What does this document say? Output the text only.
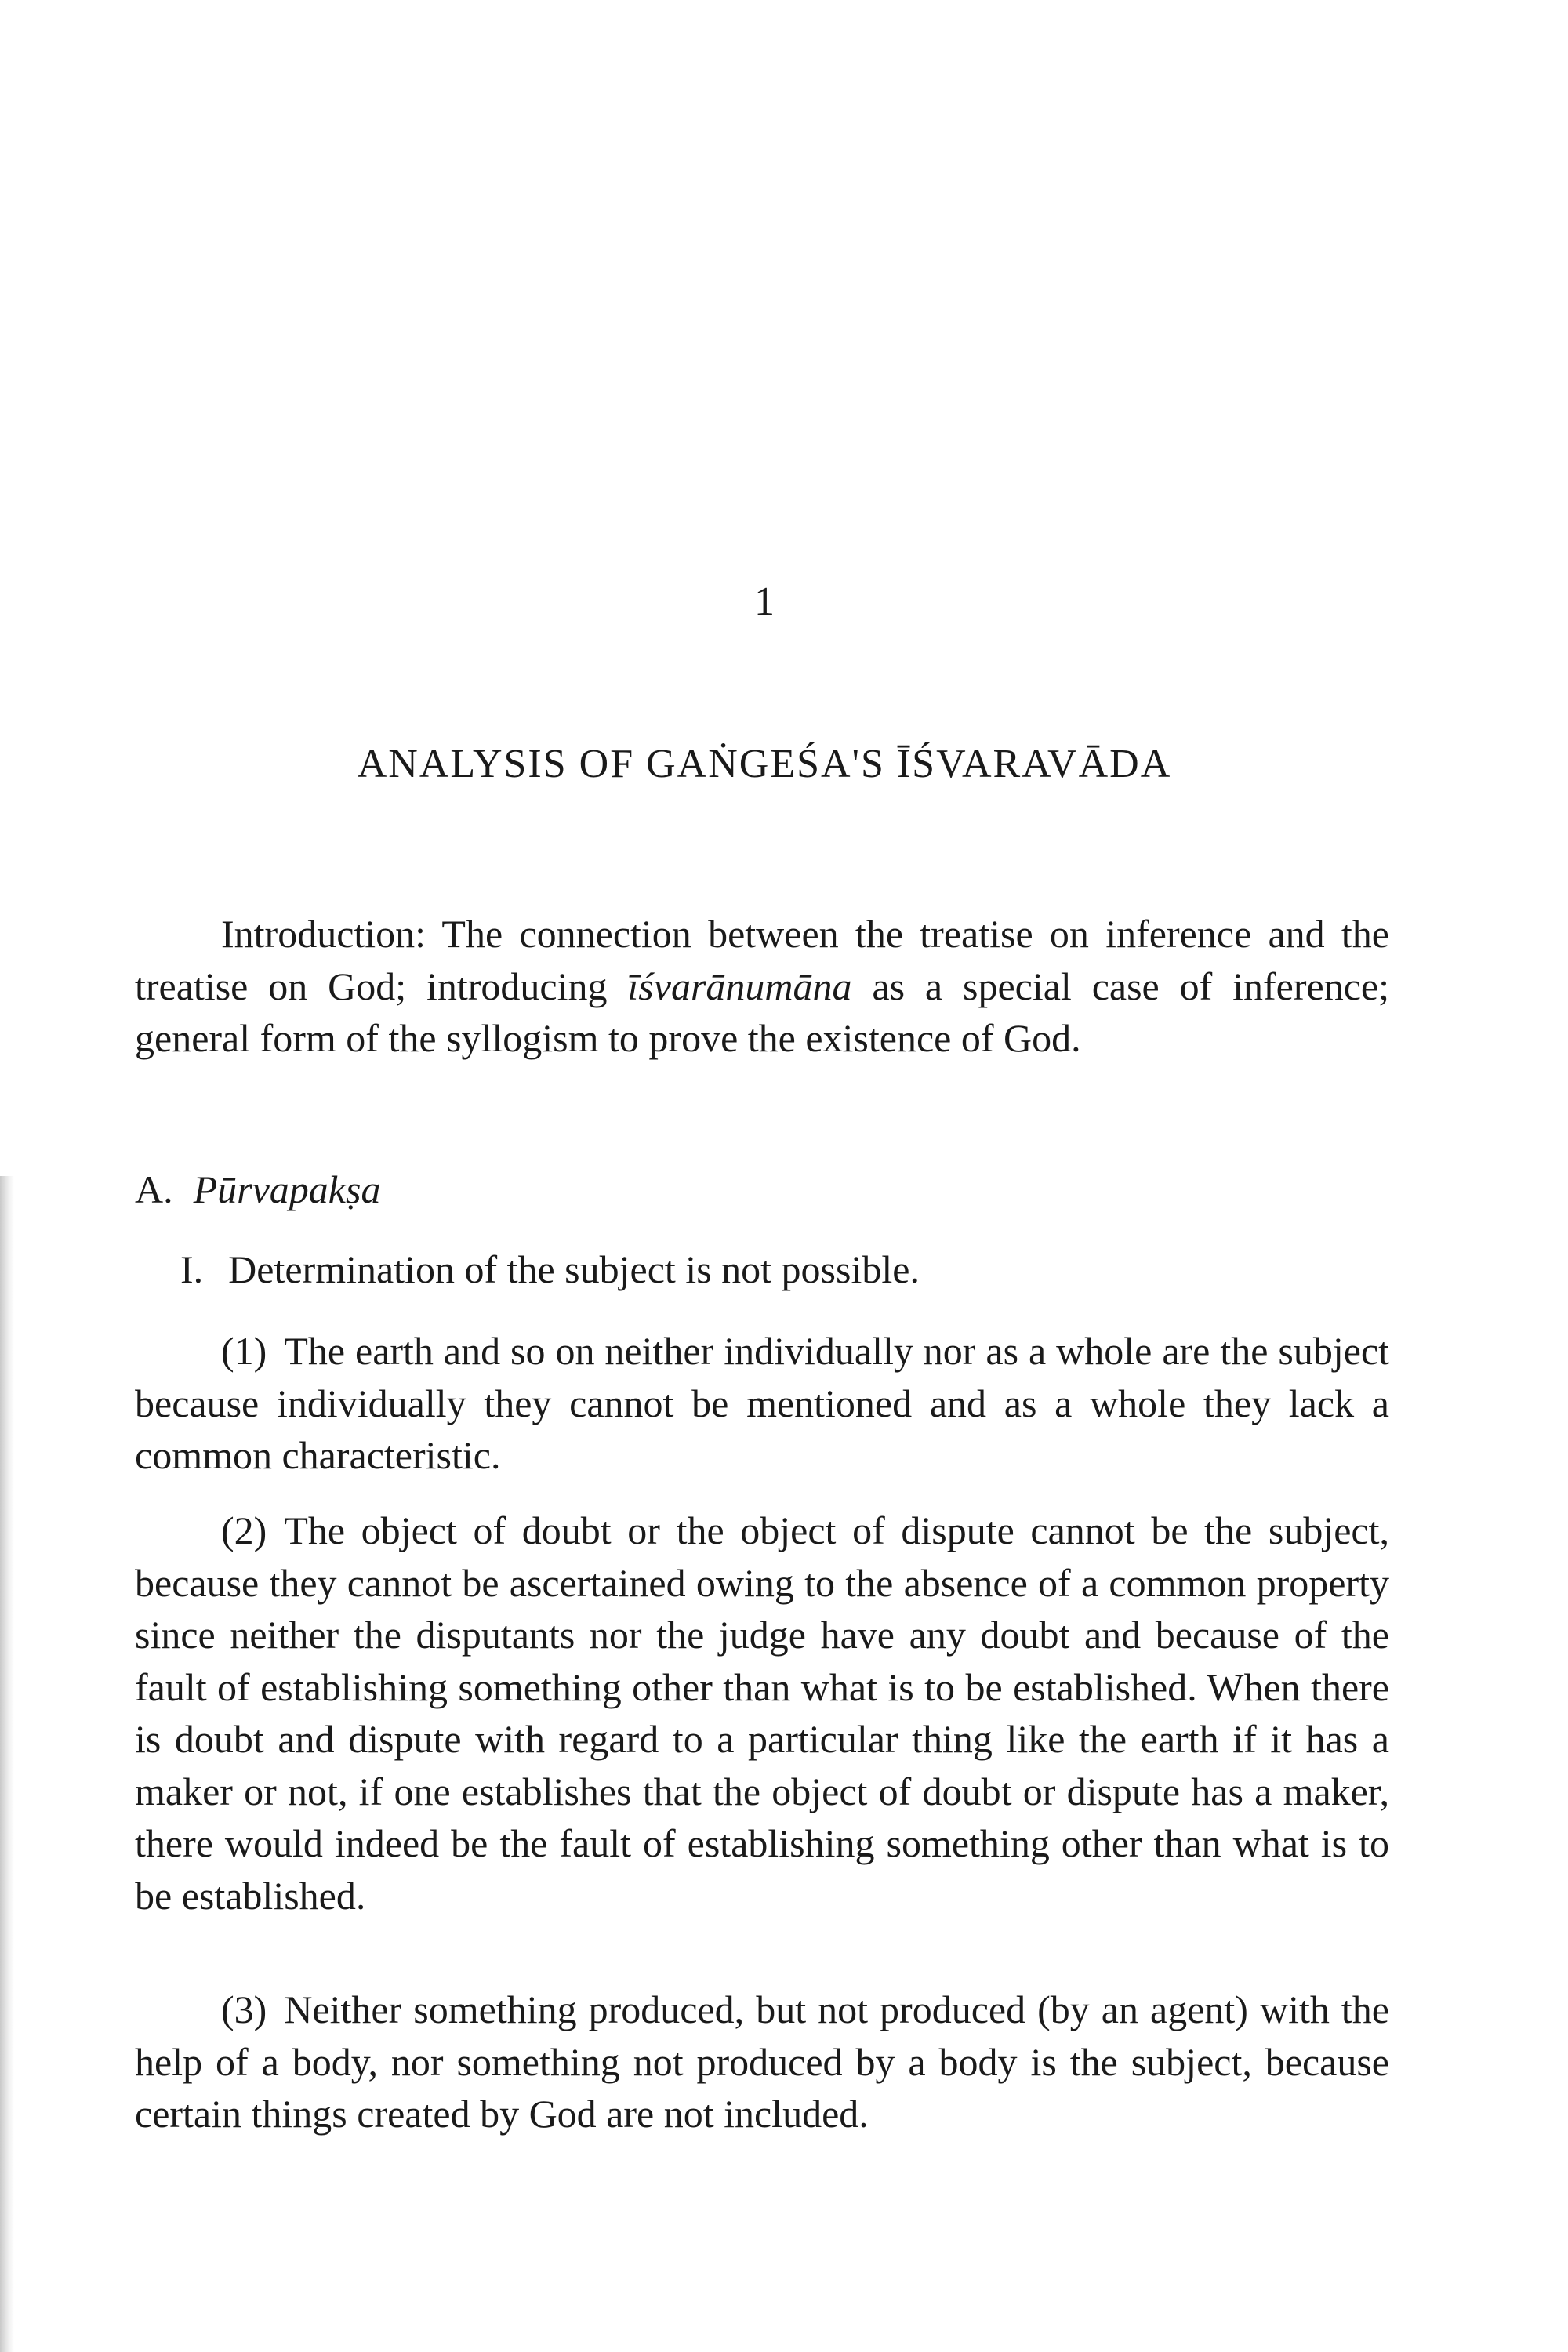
1
ANALYSIS OF GAṄGEŚA'S ĪŚVARAVĀDA

Introduction: The connection between the treatise on inference and the treatise on God; introducing īśvarānumāna as a special case of inference; general form of the syllogism to prove the existence of God.

A. Pūrvapakṣa
I. Determination of the subject is not possible.

(1) The earth and so on neither individually nor as a whole are the subject because individually they cannot be mentioned and as a whole they lack a common characteristic.

(2) The object of doubt or the object of dispute cannot be the subject, because they cannot be ascertained owing to the absence of a common property since neither the disputants nor the judge have any doubt and because of the fault of establishing something other than what is to be established. When there is doubt and dispute with regard to a particular thing like the earth if it has a maker or not, if one establishes that the object of doubt or dispute has a maker, there would indeed be the fault of establishing something other than what is to be established.

(3) Neither something produced, but not produced (by an agent) with the help of a body, nor something not produced by a body is the subject, because certain things created by God are not included.
